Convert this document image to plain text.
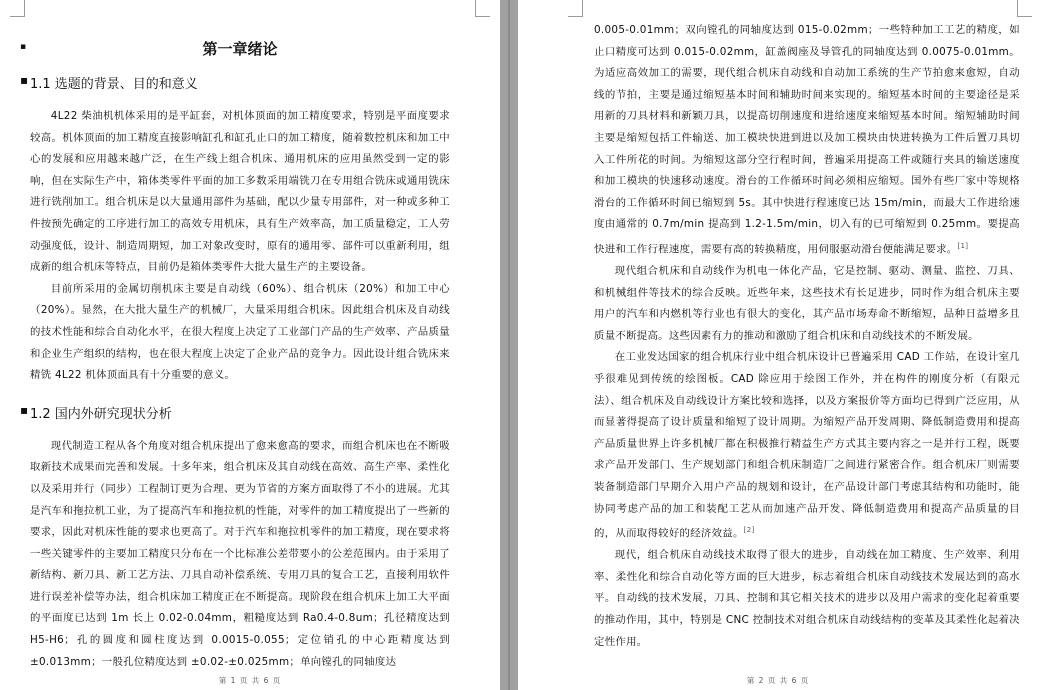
▪	第一章绪论
▪ 1.1 选题的背景、目的和意义

4L22 柴油机机体采用的是平缸套，对机体顶面的加工精度要求，特别是平面度要求较高。机体顶面的加工精度直接影响缸孔和缸孔止口的加工精度，随着数控机床和加工中心的发展和应用越来越广泛，在生产线上组合机床、通用机床的应用虽然受到一定的影响，但在实际生产中，箱体类零件平面的加工多数采用端铣刀在专用组合铣床或通用铣床进行铣削加工。组合机床是以大量通用部件为基础，配以少量专用部件，对一种或多种工件按预先确定的工序进行加工的高效专用机床，具有生产效率高，加工质量稳定，工人劳动强度低，设计、制造周期短，加工对象改变时，原有的通用零、部件可以重新利用，组成新的组合机床等特点，目前仍是箱体类零件大批大量生产的主要设备。

目前所采用的金属切削机床主要是自动线（60%）、组合机床（20%）和加工中心（20%）。显然，在大批大量生产的机械厂，大量采用组合机床。因此组合机床及自动线的技术性能和综合自动化水平，在很大程度上决定了工业部门产品的生产效率、产品质量和企业生产组织的结构，也在很大程度上决定了企业产品的竞争力。因此设计组合铣床来精铣 4L22 机体顶面具有十分重要的意义。

▪ 1.2 国内外研究现状分析

现代制造工程从各个角度对组合机床提出了愈来愈高的要求，而组合机床也在不断吸取新技术成果而完善和发展。十多年来，组合机床及其自动线在高效、高生产率、柔性化以及采用并行（同步）工程制订更为合理、更为节省的方案方面取得了不小的进展。尤其是汽车和拖拉机工业，为了提高汽车和拖拉机的性能，对零件的加工精度提出了一些新的要求，因此对机床性能的要求也更高了。对于汽车和拖拉机零件的加工精度，现在要求将一些关键零件的主要加工精度只分布在一个比标准公差带要小的公差范围内。由于采用了新结构、新刀具、新工艺方法、刀具自动补偿系统、专用刀具的复合工艺，直接利用软件进行误差补偿等办法，组合机床加工精度正在不断提高。现阶段在组合机床上加工大平面的平面度已达到 1m 长上 0.02-0.04mm，粗糙度达到 Ra0.4-0.8um；孔径精度达到 H5-H6；孔的圆度和圆柱度达到 0.0015-0.055；定位销孔的中心距精度达到 ±0.013mm；一般孔位精度达到 ±0.02-±0.025mm；单向镗孔的同轴度达

第 1 页 共 6 页

0.005-0.01mm；双向镗孔的同轴度达到 015-0.02mm；一些特种加工工艺的精度，如止口精度可达到 0.015-0.02mm，缸盖阀座及导管孔的同轴度达到 0.0075-0.01mm。为适应高效加工的需要，现代组合机床自动线和自动加工系统的生产节拍愈来愈短，自动线的节拍，主要是通过缩短基本时间和辅助时间来实现的。缩短基本时间的主要途径是采用新的刀具材料和新颖刀具，以提高切削速度和进给速度来缩短基本时间。缩短辅助时间主要是缩短包括工件输送、加工模块快进到进以及加工模块由快进转换为工件后置刀具切入工件所花的时间。为缩短这部分空行程时间，普遍采用提高工件或随行夹具的输送速度和加工模块的快速移动速度。滑台的工作循环时间必须相应缩短。国外有些厂家中等规格滑台的工作循环时间已缩短到 5s。其中快进行程速度已达 15m/min，而最大工作进给速度由通常的 0.7m/min 提高到 1.2-1.5m/min，切入有的已可缩短到 0.25mm。要提高快进和工作行程速度，需要有高的转换精度，用伺服驱动滑台便能满足要求。[1]

现代组合机床和自动线作为机电一体化产品，它是控制、驱动、测量、监控、刀具、和机械组件等技术的综合反映。近些年来，这些技术有长足进步，同时作为组合机床主要用户的汽车和内燃机等行业也有很大的变化，其产品市场寿命不断缩短，品种日益增多且质量不断提高。这些因素有力的推动和激励了组合机床和自动线技术的不断发展。

在工业发达国家的组合机床行业中组合机床设计已普遍采用 CAD 工作站，在设计室几乎很难见到传统的绘图板。CAD 除应用于绘图工作外，并在构件的刚度分析（有限元法）、组合机床及自动线设计方案比较和选择，以及方案报价等方面均已得到广泛应用，从而显著得提高了设计质量和缩短了设计周期。为缩短产品开发周期、降低制造费用和提高产品质量世界上许多机械厂都在积极推行精益生产方式其主要内容之一是并行工程，既要求产品开发部门、生产规划部门和组合机床制造厂之间进行紧密合作。组合机床厂则需要装备制造部门早期介入用户产品的规划和设计，在产品设计部门考虑其结构和功能时，能协同考虑产品的加工和装配工艺从而加速产品开发、降低制造费用和提高产品质量的目的，从而取得较好的经济效益。[2]

现代，组合机床自动线技术取得了很大的进步，自动线在加工精度、生产效率、利用率、柔性化和综合自动化等方面的巨大进步，标志着组合机床自动线技术发展达到的高水平。自动线的技术发展，刀具、控制和其它相关技术的进步以及用户需求的变化起着重要的推动作用，其中，特别是 CNC 控制技术对组合机床自动线结构的变革及其柔性化起着决定性作用。

第 2 页 共 6 页
